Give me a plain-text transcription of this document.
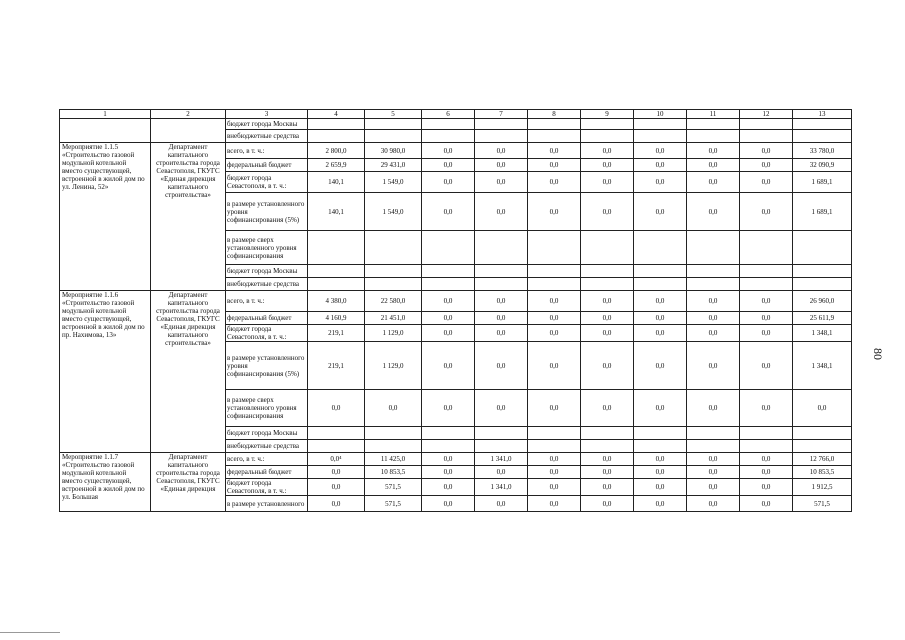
1	2	3	4	5	6	7	8	9	10	11	12	13
		бюджет города Москвы										
		внебюджетные средства										
Мероприятие 1.1.5 «Строительство газовой модульной котельной вместо существующей, встроенной в жилой дом по ул. Ленина, 52»	Департамент капитального строительства города Севастополя, ГКУГС «Единая дирекция капитального строительства»	всего, в т. ч.:	2 800,0	30 980,0	0,0	0,0	0,0	0,0	0,0	0,0	0,0	33 780,0
		федеральный бюджет	2 659,9	29 431,0	0,0	0,0	0,0	0,0	0,0	0,0	0,0	32 090,9
		бюджет города Севастополя, в т. ч.:	140,1	1 549,0	0,0	0,0	0,0	0,0	0,0	0,0	0,0	1 689,1
		в размере установленного уровня софинансирования (5%)	140,1	1 549,0	0,0	0,0	0,0	0,0	0,0	0,0	0,0	1 689,1
		в размере сверх установленного уровня софинансирования										
		бюджет города Москвы										
		внебюджетные средства										
Мероприятие 1.1.6 «Строительство газовой модульной котельной вместо существующей, встроенной в жилой дом по пр. Нахимова, 13»	Департамент капитального строительства города Севастополя, ГКУГС «Единая дирекция капитального строительства»	всего, в т. ч.:	4 380,0	22 580,0	0,0	0,0	0,0	0,0	0,0	0,0	0,0	26 960,0
		федеральный бюджет	4 160,9	21 451,0	0,0	0,0	0,0	0,0	0,0	0,0	0,0	25 611,9
		бюджет города Севастополя, в т. ч.:	219,1	1 129,0	0,0	0,0	0,0	0,0	0,0	0,0	0,0	1 348,1
		в размере установленного уровня софинансирования (5%)	219,1	1 129,0	0,0	0,0	0,0	0,0	0,0	0,0	0,0	1 348,1
		в размере сверх установленного уровня софинансирования	0,0	0,0	0,0	0,0	0,0	0,0	0,0	0,0	0,0	0,0
		бюджет города Москвы										
		внебюджетные средства										
Мероприятие 1.1.7 «Строительство газовой модульной котельной вместо существующей, встроенной в жилой дом по ул. Большая	Департамент капитального строительства города Севастополя, ГКУГС «Единая дирекция	всего, в т. ч.:	0,0⁴	11 425,0	0,0	1 341,0	0,0	0,0	0,0	0,0	0,0	12 766,0
		федеральный бюджет	0,0	10 853,5	0,0	0,0	0,0	0,0	0,0	0,0	0,0	10 853,5
		бюджет города Севастополя, в т. ч.:	0,0	571,5	0,0	1 341,0	0,0	0,0	0,0	0,0	0,0	1 912,5
		в размере установленного	0,0	571,5	0,0	0,0	0,0	0,0	0,0	0,0	0,0	571,5
80
